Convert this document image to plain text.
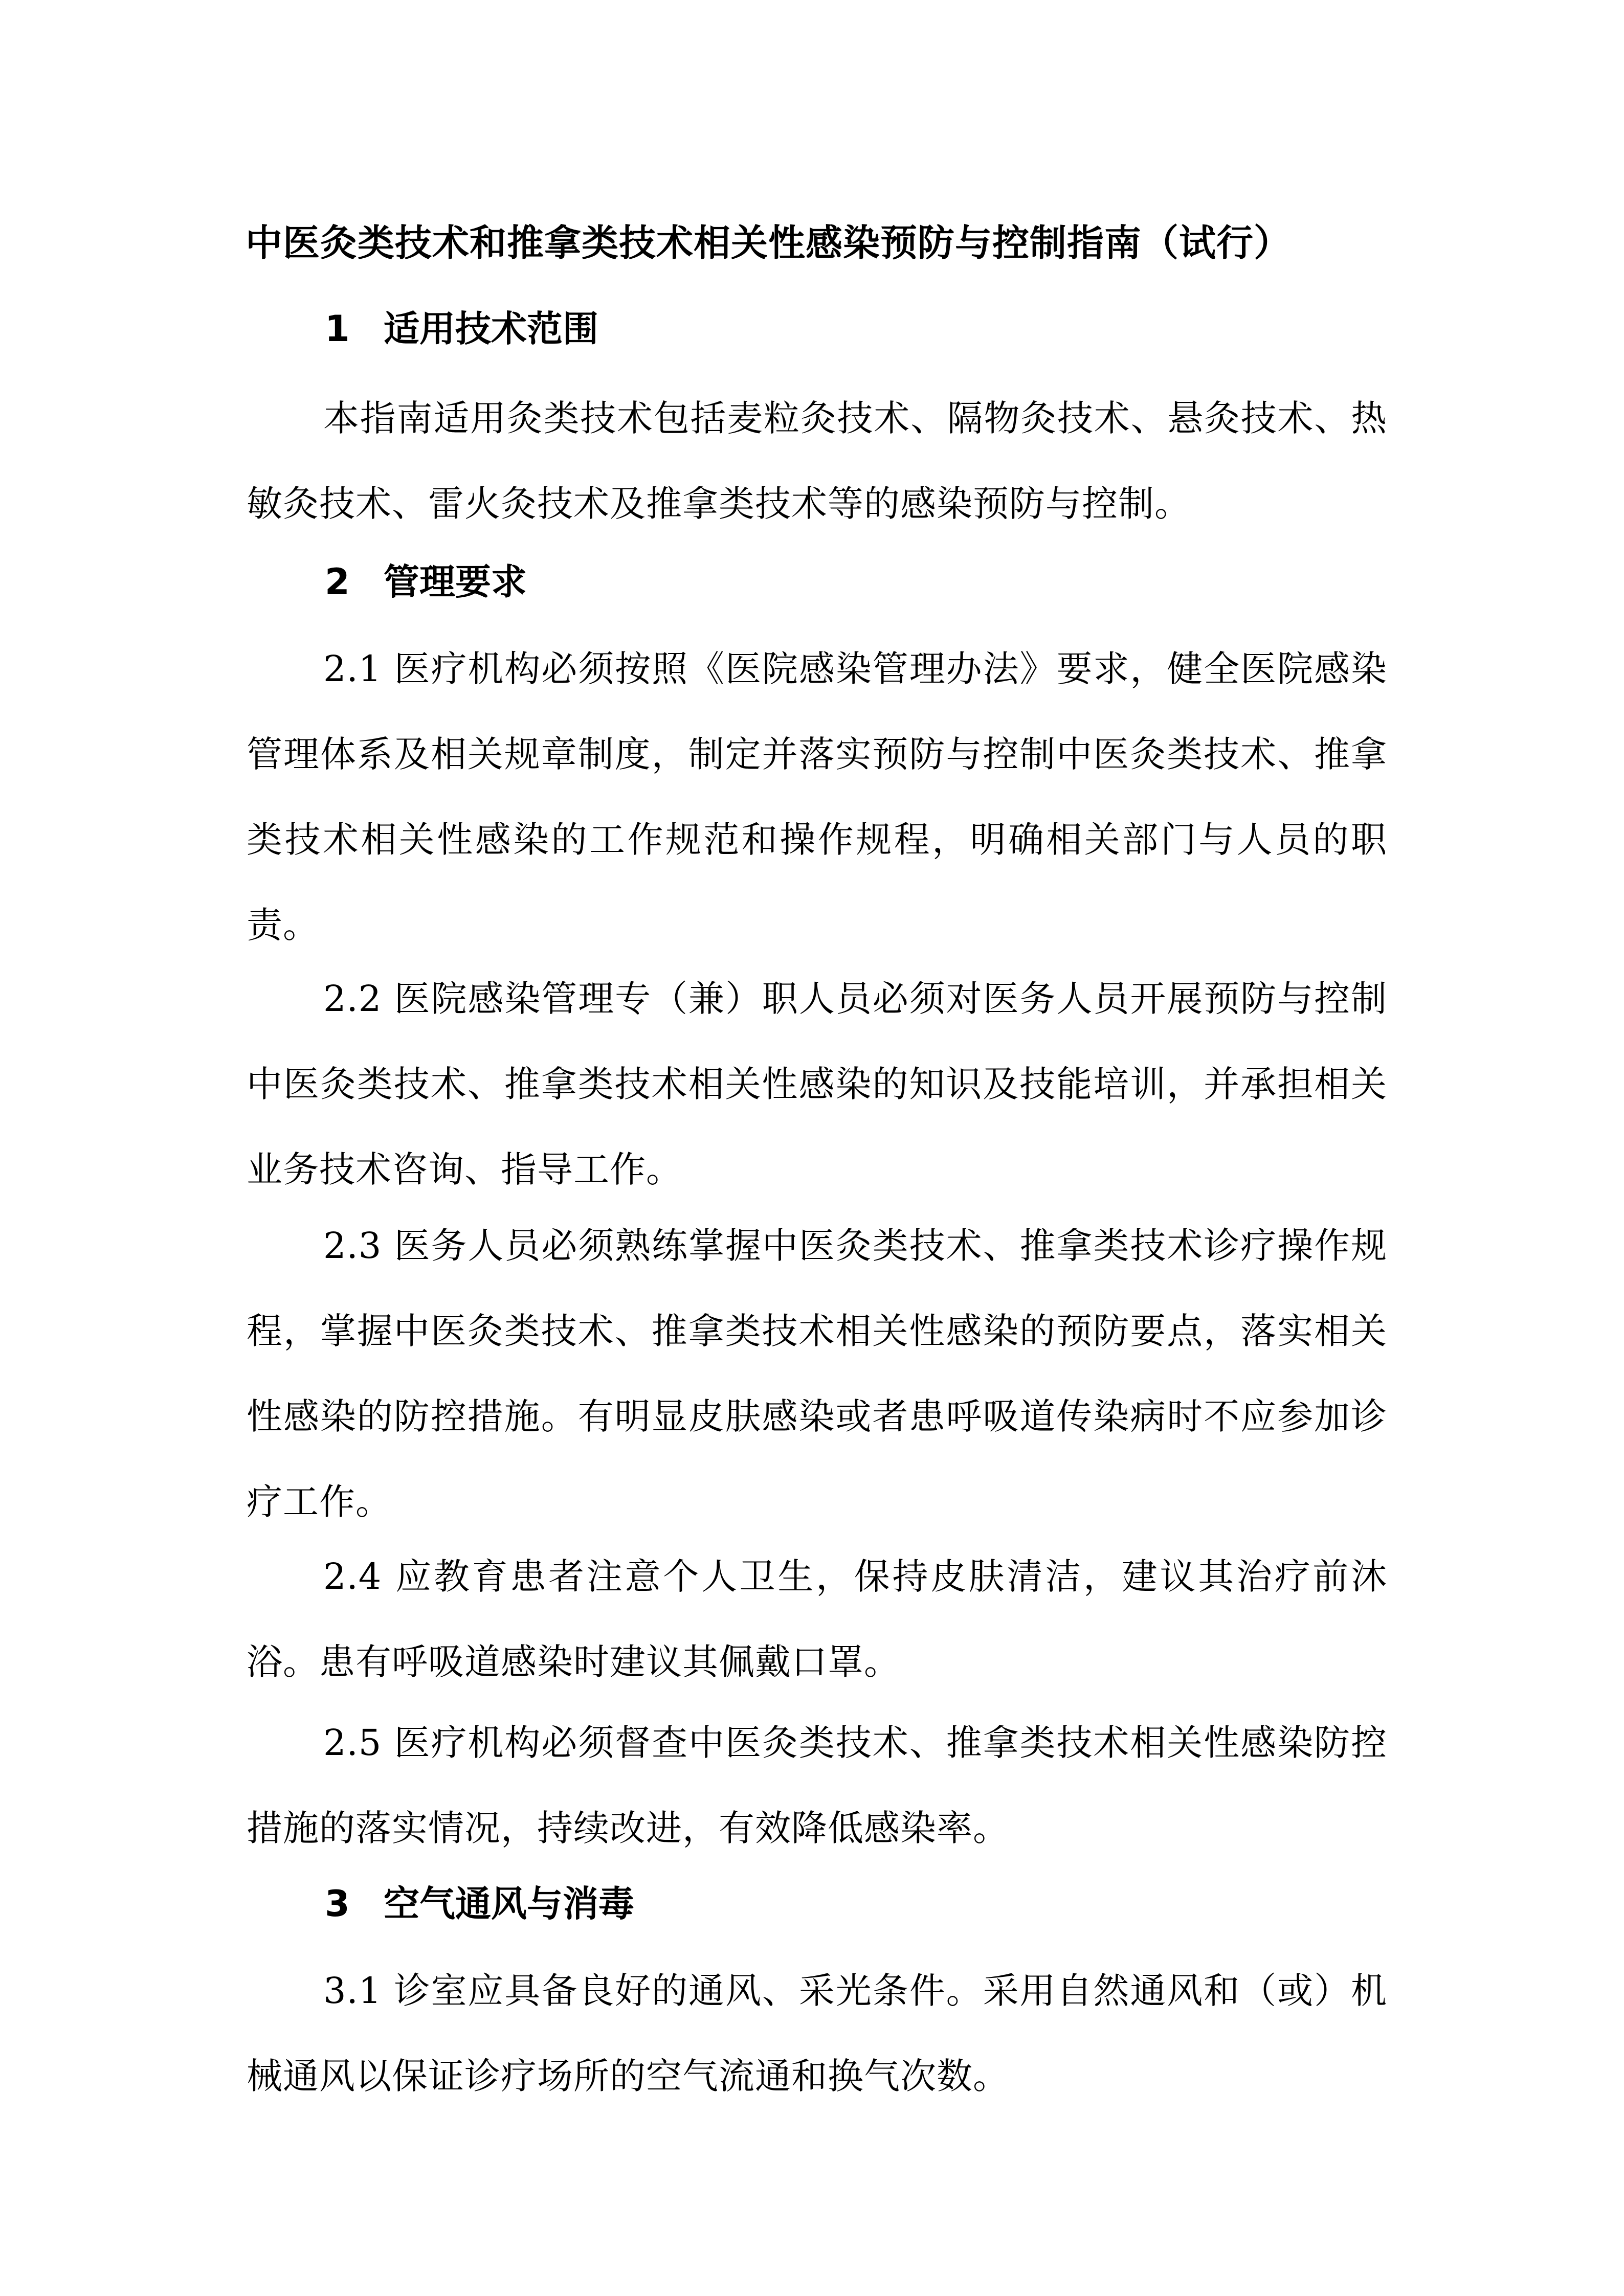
中医灸类技术和推拿类技术相关性感染预防与控制指南（试行）
1 适用技术范围

本指南适用灸类技术包括麦粒灸技术、隔物灸技术、悬灸技术、热敏灸技术、雷火灸技术及推拿类技术等的感染预防与控制。

2 管理要求

2.1 医疗机构必须按照《医院感染管理办法》要求，健全医院感染管理体系及相关规章制度，制定并落实预防与控制中医灸类技术、推拿类技术相关性感染的工作规范和操作规程，明确相关部门与人员的职责。

2.2 医院感染管理专（兼）职人员必须对医务人员开展预防与控制中医灸类技术、推拿类技术相关性感染的知识及技能培训，并承担相关业务技术咨询、指导工作。

2.3 医务人员必须熟练掌握中医灸类技术、推拿类技术诊疗操作规程，掌握中医灸类技术、推拿类技术相关性感染的预防要点，落实相关性感染的防控措施。有明显皮肤感染或者患呼吸道传染病时不应参加诊疗工作。

2.4 应教育患者注意个人卫生，保持皮肤清洁，建议其治疗前沐浴。患有呼吸道感染时建议其佩戴口罩。

2.5 医疗机构必须督查中医灸类技术、推拿类技术相关性感染防控措施的落实情况，持续改进，有效降低感染率。

3 空气通风与消毒

3.1 诊室应具备良好的通风、采光条件。采用自然通风和（或）机械通风以保证诊疗场所的空气流通和换气次数。
